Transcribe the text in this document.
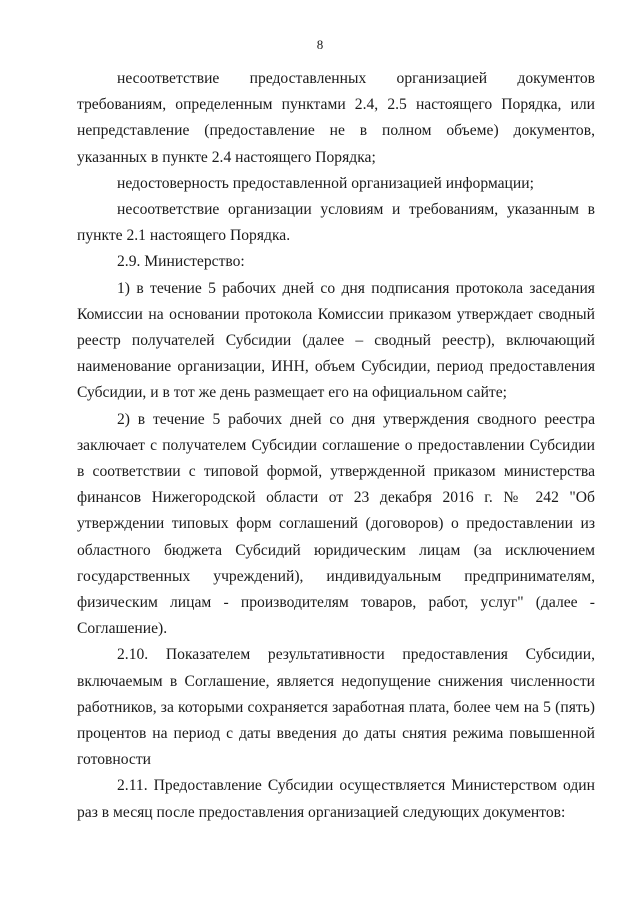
8

несоответствие предоставленных организацией документов требованиям, определенным пунктами 2.4, 2.5 настоящего Порядка, или непредставление (предоставление не в полном объеме) документов, указанных в пункте 2.4 настоящего Порядка;

недостоверность предоставленной организацией информации;

несоответствие организации условиям и требованиям, указанным в пункте 2.1 настоящего Порядка.

2.9. Министерство:

1) в течение 5 рабочих дней со дня подписания протокола заседания Комиссии на основании протокола Комиссии приказом утверждает сводный реестр получателей Субсидии (далее – сводный реестр), включающий наименование организации, ИНН, объем Субсидии, период предоставления Субсидии, и в тот же день размещает его на официальном сайте;

2) в течение 5 рабочих дней со дня утверждения сводного реестра заключает с получателем Субсидии соглашение о предоставлении Субсидии в соответствии с типовой формой, утвержденной приказом министерства финансов Нижегородской области от 23 декабря 2016 г. № 242 "Об утверждении типовых форм соглашений (договоров) о предоставлении из областного бюджета Субсидий юридическим лицам (за исключением государственных учреждений), индивидуальным предпринимателям, физическим лицам - производителям товаров, работ, услуг" (далее - Соглашение).

2.10. Показателем результативности предоставления Субсидии, включаемым в Соглашение, является недопущение снижения численности работников, за которыми сохраняется заработная плата, более чем на 5 (пять) процентов на период с даты введения до даты снятия режима повышенной готовности

2.11. Предоставление Субсидии осуществляется Министерством один раз в месяц после предоставления организацией следующих документов:
